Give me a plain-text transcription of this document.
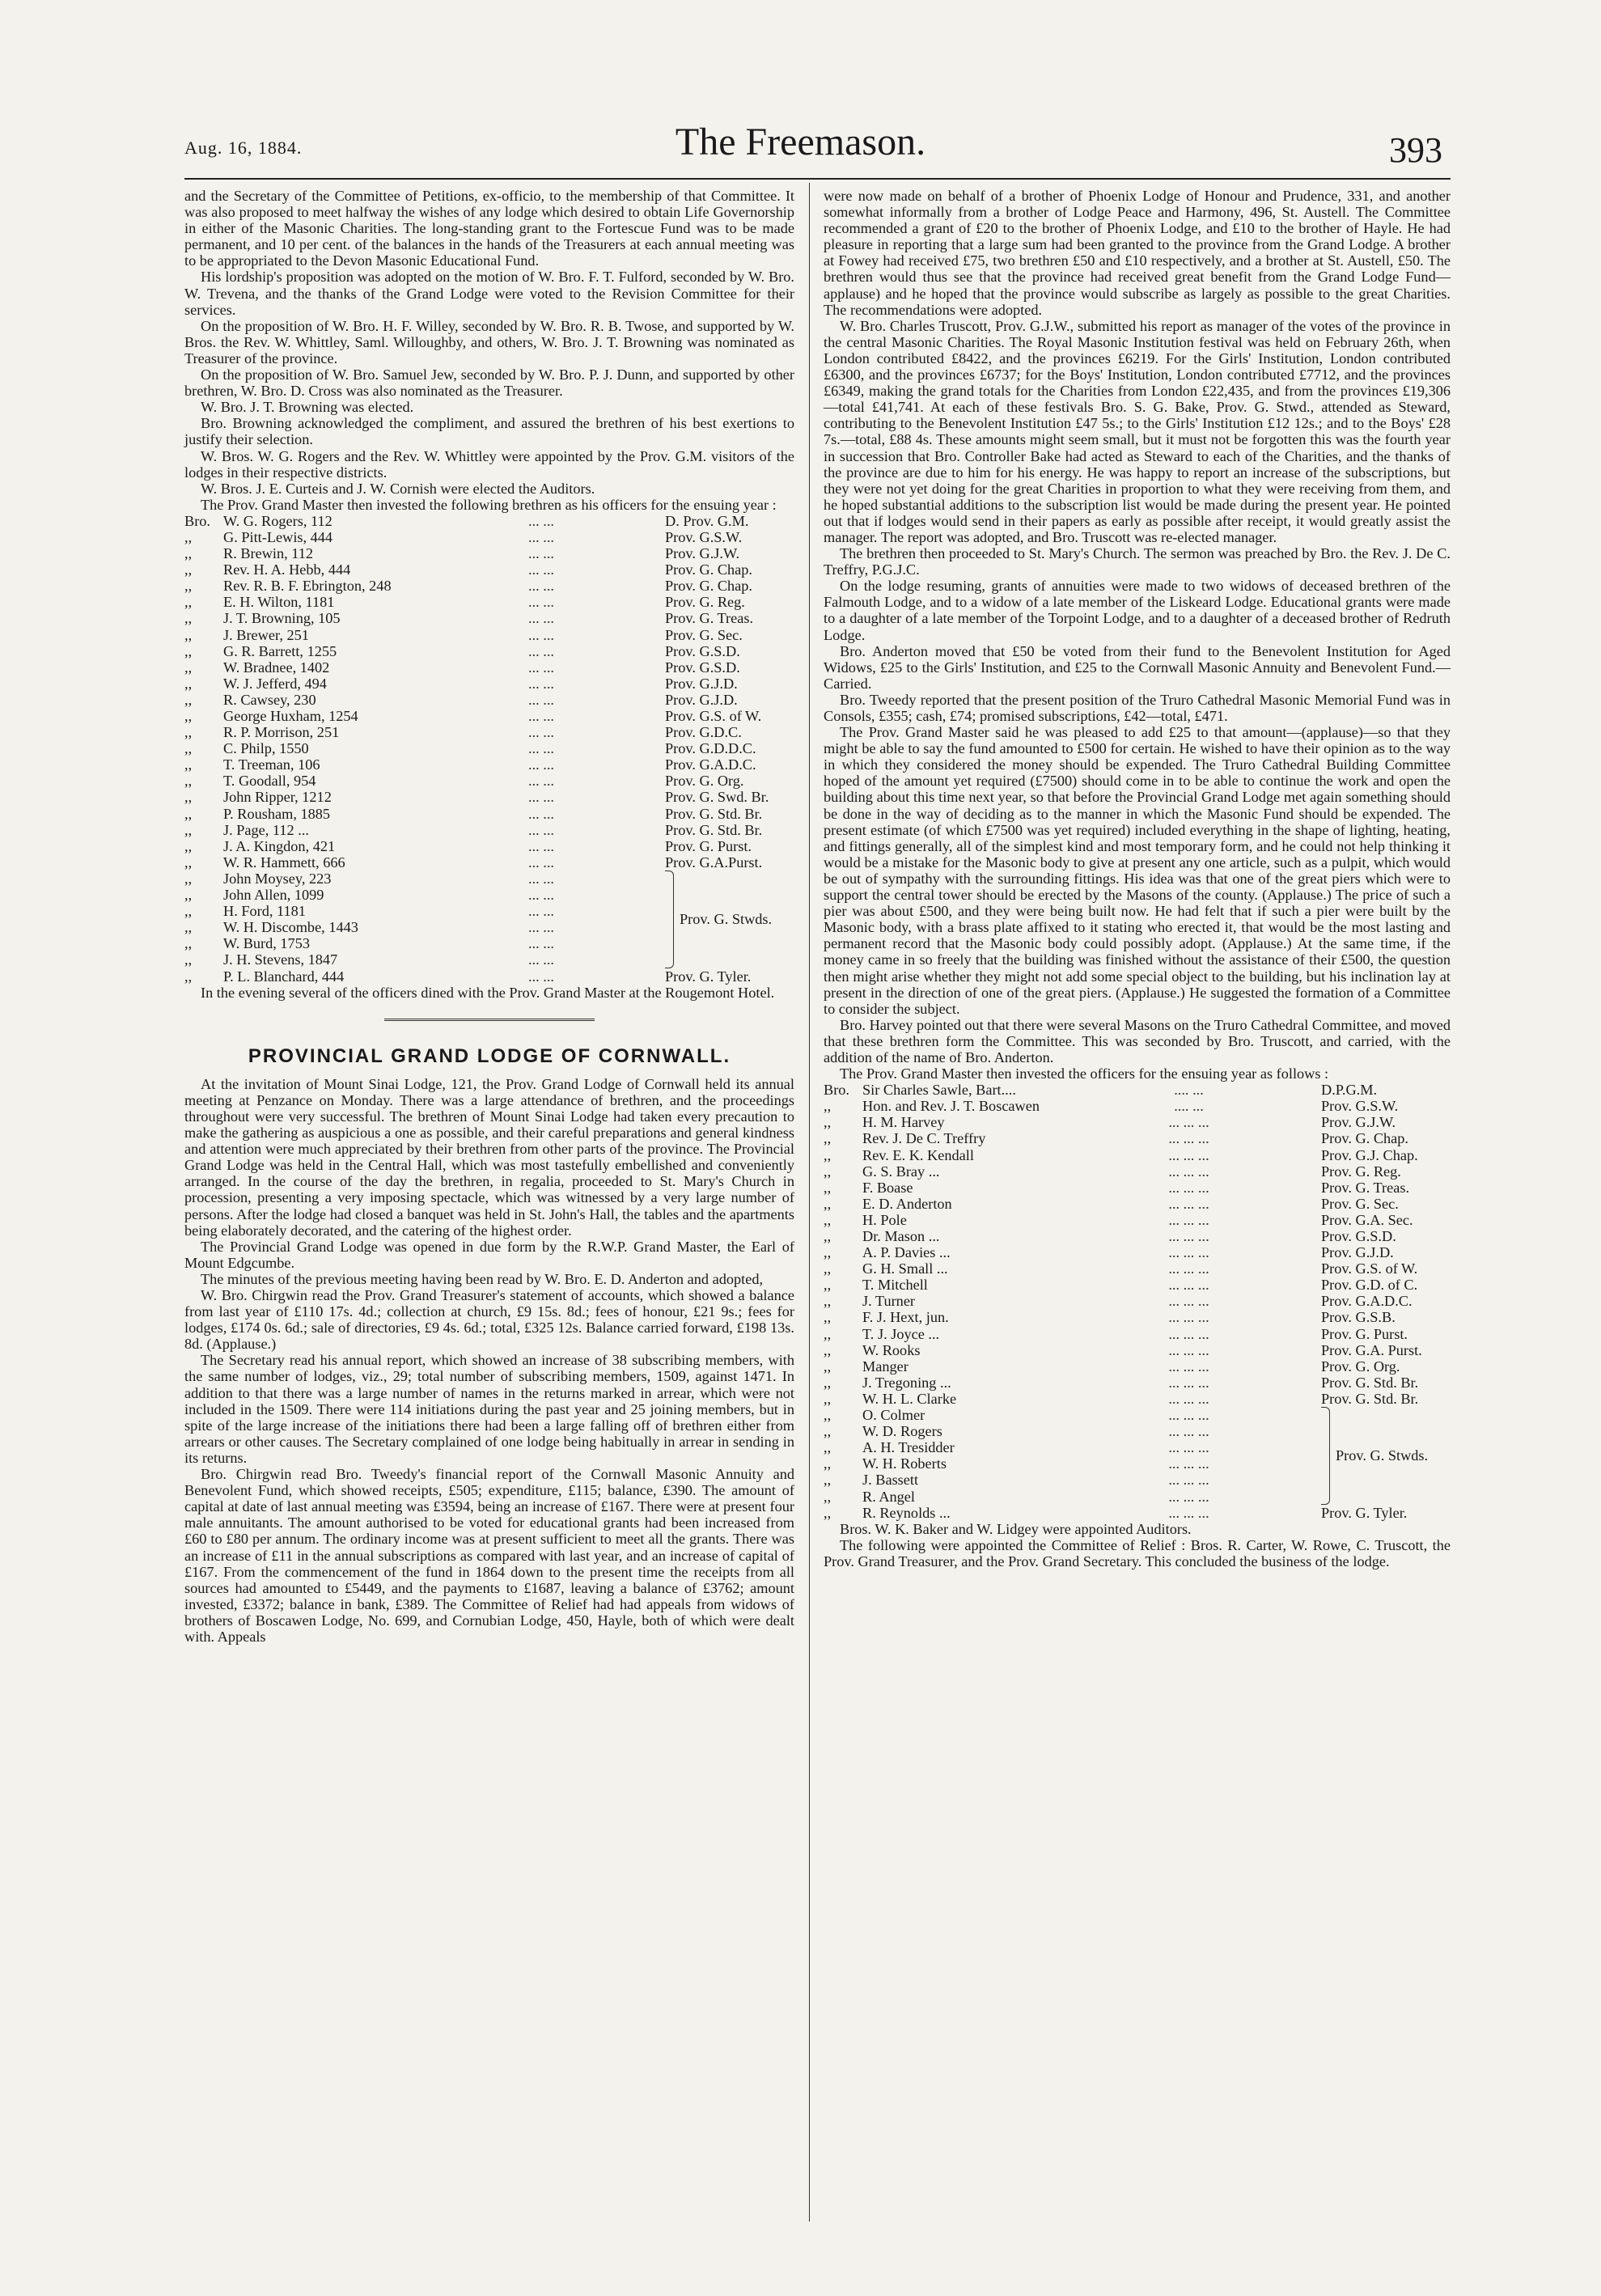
Aug. 16, 1884.	The Freemason.	393

and the Secretary of the Committee of Petitions, ex-officio, to the membership of that Committee. It was also proposed to meet halfway the wishes of any lodge which desired to obtain Life Governorship in either of the Masonic Charities. The long-standing grant to the Fortescue Fund was to be made permanent, and 10 per cent. of the balances in the hands of the Treasurers at each annual meeting was to be appropriated to the Devon Masonic Educational Fund.

His lordship's proposition was adopted on the motion of W. Bro. F. T. Fulford, seconded by W. Bro. W. Trevena, and the thanks of the Grand Lodge were voted to the Revision Committee for their services.

On the proposition of W. Bro. H. F. Willey, seconded by W. Bro. R. B. Twose, and supported by W. Bros. the Rev. W. Whittley, Saml. Willoughby, and others, W. Bro. J. T. Browning was nominated as Treasurer of the province.

On the proposition of W. Bro. Samuel Jew, seconded by W. Bro. P. J. Dunn, and supported by other brethren, W. Bro. D. Cross was also nominated as the Treasurer.

W. Bro. J. T. Browning was elected.

Bro. Browning acknowledged the compliment, and assured the brethren of his best exertions to justify their selection.

W. Bros. W. G. Rogers and the Rev. W. Whittley were appointed by the Prov. G.M. visitors of the lodges in their respective districts.

W. Bros. J. E. Curteis and J. W. Cornish were elected the Auditors.

The Prov. Grand Master then invested the following brethren as his officers for the ensuing year :

Bro.	W. G. Rogers, 112	... ...	D. Prov. G.M.
,,	G. Pitt-Lewis, 444	... ...	Prov. G.S.W.
,,	R. Brewin, 112	... ...	Prov. G.J.W.
,,	Rev. H. A. Hebb, 444	... ...	Prov. G. Chap.
,,	Rev. R. B. F. Ebrington, 248	... ...	Prov. G. Chap.
,,	E. H. Wilton, 1181	... ...	Prov. G. Reg.
,,	J. T. Browning, 105	... ...	Prov. G. Treas.
,,	J. Brewer, 251	... ...	Prov. G. Sec.
,,	G. R. Barrett, 1255	... ...	Prov. G.S.D.
,,	W. Bradnee, 1402	... ...	Prov. G.S.D.
,,	W. J. Jefferd, 494	... ...	Prov. G.J.D.
,,	R. Cawsey, 230	... ...	Prov. G.J.D.
,,	George Huxham, 1254	... ...	Prov. G.S. of W.
,,	R. P. Morrison, 251	... ...	Prov. G.D.C.
,,	C. Philp, 1550	... ...	Prov. G.D.D.C.
,,	T. Treeman, 106	... ...	Prov. G.A.D.C.
,,	T. Goodall, 954	... ...	Prov. G. Org.
,,	John Ripper, 1212	... ...	Prov. G. Swd. Br.
,,	P. Rousham, 1885	... ...	Prov. G. Std. Br.
,,	J. Page, 112 ...	... ...	Prov. G. Std. Br.
,,	J. A. Kingdon, 421	... ...	Prov. G. Purst.
,,	W. R. Hammett, 666	... ...	Prov. G.A.Purst.
,,	John Moysey, 223	... ...	Prov. G. Stwds.

,,	John Allen, 1099	... ...	
,,	H. Ford, 1181	... ...	
,,	W. H. Discombe, 1443	... ...	
,,	W. Burd, 1753	... ...	
,,	J. H. Stevens, 1847	... ...	
,,	P. L. Blanchard, 444	... ...	Prov. G. Tyler.

In the evening several of the officers dined with the Prov. Grand Master at the Rougemont Hotel.

PROVINCIAL GRAND LODGE OF CORNWALL.

At the invitation of Mount Sinai Lodge, 121, the Prov. Grand Lodge of Cornwall held its annual meeting at Penzance on Monday. There was a large attendance of brethren, and the proceedings throughout were very successful. The brethren of Mount Sinai Lodge had taken every precaution to make the gathering as auspicious a one as possible, and their careful preparations and general kindness and attention were much appreciated by their brethren from other parts of the province. The Provincial Grand Lodge was held in the Central Hall, which was most tastefully embellished and conveniently arranged. In the course of the day the brethren, in regalia, proceeded to St. Mary's Church in procession, presenting a very imposing spectacle, which was witnessed by a very large number of persons. After the lodge had closed a banquet was held in St. John's Hall, the tables and the apartments being elaborately decorated, and the catering of the highest order.

The Provincial Grand Lodge was opened in due form by the R.W.P. Grand Master, the Earl of Mount Edgcumbe.

The minutes of the previous meeting having been read by W. Bro. E. D. Anderton and adopted,

W. Bro. Chirgwin read the Prov. Grand Treasurer's statement of accounts, which showed a balance from last year of £110 17s. 4d.; collection at church, £9 15s. 8d.; fees of honour, £21 9s.; fees for lodges, £174 0s. 6d.; sale of directories, £9 4s. 6d.; total, £325 12s. Balance carried forward, £198 13s. 8d. (Applause.)

The Secretary read his annual report, which showed an increase of 38 subscribing members, with the same number of lodges, viz., 29; total number of subscribing members, 1509, against 1471. In addition to that there was a large number of names in the returns marked in arrear, which were not included in the 1509. There were 114 initiations during the past year and 25 joining members, but in spite of the large increase of the initiations there had been a large falling off of brethren either from arrears or other causes. The Secretary complained of one lodge being habitually in arrear in sending in its returns.

Bro. Chirgwin read Bro. Tweedy's financial report of the Cornwall Masonic Annuity and Benevolent Fund, which showed receipts, £505; expenditure, £115; balance, £390. The amount of capital at date of last annual meeting was £3594, being an increase of £167. There were at present four male annuitants. The amount authorised to be voted for educational grants had been increased from £60 to £80 per annum. The ordinary income was at present sufficient to meet all the grants. There was an increase of £11 in the annual subscriptions as compared with last year, and an increase of capital of £167. From the commencement of the fund in 1864 down to the present time the receipts from all sources had amounted to £5449, and the payments to £1687, leaving a balance of £3762; amount invested, £3372; balance in bank, £389. The Committee of Relief had had appeals from widows of brothers of Boscawen Lodge, No. 699, and Cornubian Lodge, 450, Hayle, both of which were dealt with. Appeals

were now made on behalf of a brother of Phoenix Lodge of Honour and Prudence, 331, and another somewhat informally from a brother of Lodge Peace and Harmony, 496, St. Austell. The Committee recommended a grant of £20 to the brother of Phoenix Lodge, and £10 to the brother of Hayle. He had pleasure in reporting that a large sum had been granted to the province from the Grand Lodge. A brother at Fowey had received £75, two brethren £50 and £10 respectively, and a brother at St. Austell, £50. The brethren would thus see that the province had received great benefit from the Grand Lodge Fund—applause) and he hoped that the province would subscribe as largely as possible to the great Charities. The recommendations were adopted.

W. Bro. Charles Truscott, Prov. G.J.W., submitted his report as manager of the votes of the province in the central Masonic Charities. The Royal Masonic Institution festival was held on February 26th, when London contributed £8422, and the provinces £6219. For the Girls' Institution, London contributed £6300, and the provinces £6737; for the Boys' Institution, London contributed £7712, and the provinces £6349, making the grand totals for the Charities from London £22,435, and from the provinces £19,306—total £41,741. At each of these festivals Bro. S. G. Bake, Prov. G. Stwd., attended as Steward, contributing to the Benevolent Institution £47 5s.; to the Girls' Institution £12 12s.; and to the Boys' £28 7s.—total, £88 4s. These amounts might seem small, but it must not be forgotten this was the fourth year in succession that Bro. Controller Bake had acted as Steward to each of the Charities, and the thanks of the province are due to him for his energy. He was happy to report an increase of the subscriptions, but they were not yet doing for the great Charities in proportion to what they were receiving from them, and he hoped substantial additions to the subscription list would be made during the present year. He pointed out that if lodges would send in their papers as early as possible after receipt, it would greatly assist the manager. The report was adopted, and Bro. Truscott was re-elected manager.

The brethren then proceeded to St. Mary's Church. The sermon was preached by Bro. the Rev. J. De C. Treffry, P.G.J.C.

On the lodge resuming, grants of annuities were made to two widows of deceased brethren of the Falmouth Lodge, and to a widow of a late member of the Liskeard Lodge. Educational grants were made to a daughter of a late member of the Torpoint Lodge, and to a daughter of a deceased brother of Redruth Lodge.

Bro. Anderton moved that £50 be voted from their fund to the Benevolent Institution for Aged Widows, £25 to the Girls' Institution, and £25 to the Cornwall Masonic Annuity and Benevolent Fund.—Carried.

Bro. Tweedy reported that the present position of the Truro Cathedral Masonic Memorial Fund was in Consols, £355; cash, £74; promised subscriptions, £42—total, £471.

The Prov. Grand Master said he was pleased to add £25 to that amount—(applause)—so that they might be able to say the fund amounted to £500 for certain. He wished to have their opinion as to the way in which they considered the money should be expended. The Truro Cathedral Building Committee hoped of the amount yet required (£7500) should come in to be able to continue the work and open the building about this time next year, so that before the Provincial Grand Lodge met again something should be done in the way of deciding as to the manner in which the Masonic Fund should be expended. The present estimate (of which £7500 was yet required) included everything in the shape of lighting, heating, and fittings generally, all of the simplest kind and most temporary form, and he could not help thinking it would be a mistake for the Masonic body to give at present any one article, such as a pulpit, which would be out of sympathy with the surrounding fittings. His idea was that one of the great piers which were to support the central tower should be erected by the Masons of the county. (Applause.) The price of such a pier was about £500, and they were being built now. He had felt that if such a pier were built by the Masonic body, with a brass plate affixed to it stating who erected it, that would be the most lasting and permanent record that the Masonic body could possibly adopt. (Applause.) At the same time, if the money came in so freely that the building was finished without the assistance of their £500, the question then might arise whether they might not add some special object to the building, but his inclination lay at present in the direction of one of the great piers. (Applause.) He suggested the formation of a Committee to consider the subject.

Bro. Harvey pointed out that there were several Masons on the Truro Cathedral Committee, and moved that these brethren form the Committee. This was seconded by Bro. Truscott, and carried, with the addition of the name of Bro. Anderton.

The Prov. Grand Master then invested the officers for the ensuing year as follows :

Bro.	Sir Charles Sawle, Bart....	.... ...	D.P.G.M.
,,	Hon. and Rev. J. T. Boscawen	.... ...	Prov. G.S.W.
,,	H. M. Harvey	... ... ...	Prov. G.J.W.
,,	Rev. J. De C. Treffry	... ... ...	Prov. G. Chap.
,,	Rev. E. K. Kendall	... ... ...	Prov. G.J. Chap.
,,	G. S. Bray ...	... ... ...	Prov. G. Reg.
,,	F. Boase	... ... ...	Prov. G. Treas.
,,	E. D. Anderton	... ... ...	Prov. G. Sec.
,,	H. Pole	... ... ...	Prov. G.A. Sec.
,,	Dr. Mason ...	... ... ...	Prov. G.S.D.
,,	A. P. Davies ...	... ... ...	Prov. G.J.D.
,,	G. H. Small ...	... ... ...	Prov. G.S. of W.
,,	T. Mitchell	... ... ...	Prov. G.D. of C.
,,	J. Turner	... ... ...	Prov. G.A.D.C.
,,	F. J. Hext, jun.	... ... ...	Prov. G.S.B.
,,	T. J. Joyce ...	... ... ...	Prov. G. Purst.
,,	W. Rooks	... ... ...	Prov. G.A. Purst.
,,	Manger	... ... ...	Prov. G. Org.
,,	J. Tregoning ...	... ... ...	Prov. G. Std. Br.
,,	W. H. L. Clarke	... ... ...	Prov. G. Std. Br.
,,	O. Colmer	... ... ...	Prov. G. Stwds.

,,	W. D. Rogers	... ... ...	
,,	A. H. Tresidder	... ... ...	
,,	W. H. Roberts	... ... ...	
,,	J. Bassett	... ... ...	
,,	R. Angel	... ... ...	
,,	R. Reynolds ...	... ... ...	Prov. G. Tyler.

Bros. W. K. Baker and W. Lidgey were appointed Auditors.

The following were appointed the Committee of Relief : Bros. R. Carter, W. Rowe, C. Truscott, the Prov. Grand Treasurer, and the Prov. Grand Secretary. This concluded the business of the lodge.
